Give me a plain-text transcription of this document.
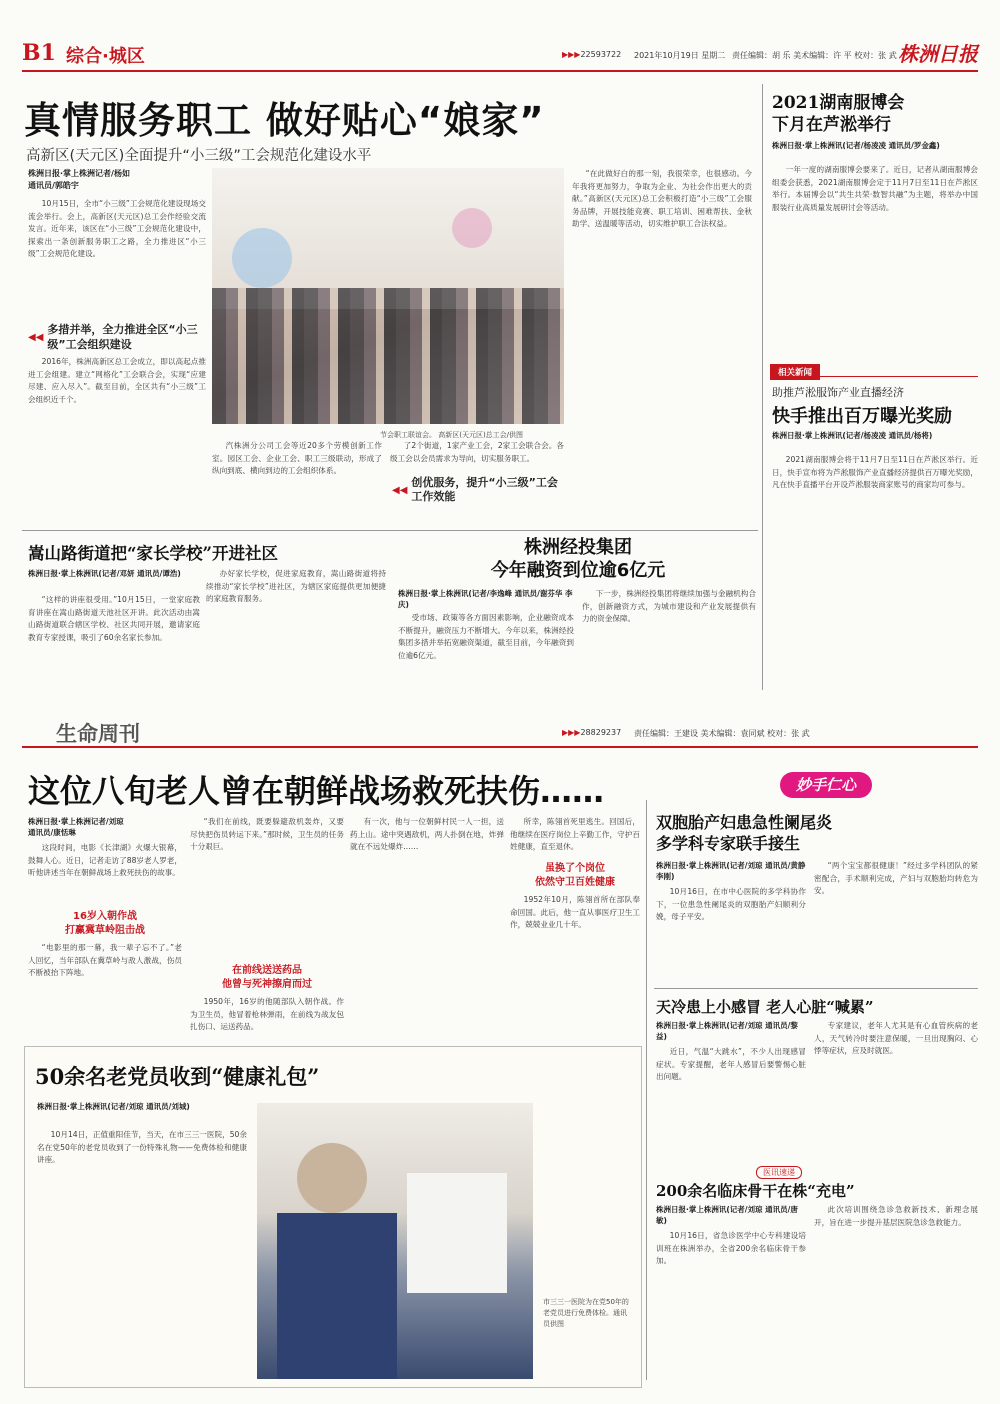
B1 综合·城区	▶▶▶22593722 2021年10月19日 星期二 责任编辑：胡 乐 美术编辑：许 平 校对：张 武 株洲日报
真情服务职工 做好贴心“娘家”
高新区(天元区)全面提升“小三级”工会规范化建设水平
株洲日报·掌上株洲记者/杨如
通讯员/郭皓宇

10月15日，全市“小三级”工会规范化建设现场交流会举行。会上，高新区(天元区)总工会作经验交流发言。近年来，该区在“小三级”工会规范化建设中，探索出一条创新服务职工之路，全力推进区“小三级”工会规范化建设。

◀◀
多措并举，全力推进全区“小三级”工会组织建设

2016年，株洲高新区总工会成立，即以高起点推进工会组建。建立“网格化”工会联合会，实现“应建尽建、应入尽入”。截至目前，全区共有“小三级”工会组织近千个。

节会职工联谊会。 高新区(天元区)总工会/供图

汽株洲分公司工会等近20多个劳模创新工作室。园区工会、企业工会、职工三级联动，形成了纵向到底、横向到边的工会组织体系。

了2个街道，1家产业工会，2家工会联合会。各级工会以会员需求为导向，切实服务职工。

◀◀
创优服务，提升“小三级”工会工作效能

“在此做好白的那一刻，我很荣幸，也很感动。今年我将更加努力，争取为企业、为社会作出更大的贡献。”高新区(天元区)总工会积极打造“小三级”工会服务品牌，开展技能竞赛、职工培训、困难帮扶、金秋助学、送温暖等活动，切实维护职工合法权益。

2021湖南服博会
下月在芦淞举行
株洲日报·掌上株洲讯(记者/杨凌凌 通讯员/罗金鑫)

一年一度的湖南服博会要来了。近日，记者从湖南服博会组委会获悉，2021湖南服博会定于11月7日至11日在芦淞区举行。本届博会以“共生共荣·数智共融”为主题，将举办中国服装行业高质量发展研讨会等活动。

相关新闻
助推芦淞服饰产业直播经济
快手推出百万曝光奖励
株洲日报·掌上株洲讯(记者/杨凌凌 通讯员/杨将)

2021湖南服博会将于11月7日至11日在芦淞区举行。近日，快手宣布将为芦淞服饰产业直播经济提供百万曝光奖励，凡在快手直播平台开设芦淞服装商家账号的商家均可参与。

嵩山路街道把“家长学校”开进社区
株洲日报·掌上株洲讯(记者/邓妍 通讯员/谭浩)

“这样的讲座很受用。”10月15日，一堂家庭教育讲座在嵩山路街道天池社区开讲。此次活动由嵩山路街道联合辖区学校、社区共同开展，邀请家庭教育专家授课，吸引了60余名家长参加。

办好家长学校，促进家庭教育，嵩山路街道将持续推动“家长学校”进社区，为辖区家庭提供更加便捷的家庭教育服务。

株洲经投集团
今年融资到位逾6亿元
株洲日报·掌上株洲讯(记者/李逸峰 通讯员/谢芬华 李庆)

受市场、政策等各方面因素影响，企业融资成本不断提升，融资压力不断增大。今年以来，株洲经投集团多措并举拓宽融资渠道，截至目前，今年融资到位逾6亿元。

下一步，株洲经投集团将继续加强与金融机构合作，创新融资方式，为城市建设和产业发展提供有力的资金保障。

生命周刊	▶▶▶28829237 责任编辑：王建设 美术编辑：袁同斌 校对：张 武
这位八旬老人曾在朝鲜战场救死扶伤……	妙手仁心
株洲日报·掌上株洲记者/刘琼
通讯员/康恬琳

这段时间，电影《长津湖》火爆大银幕，鼓舞人心。近日，记者走访了88岁老人罗老，听他讲述当年在朝鲜战场上救死扶伤的故事。

16岁入朝作战
打赢冀草岭阻击战

“电影里的那一幕，我一辈子忘不了。”老人回忆，当年部队在冀草岭与敌人激战，伤员不断被抬下阵地。

“我们在前线，既要躲避敌机轰炸，又要尽快把伤员转运下来。”那时候，卫生员的任务十分艰巨。

在前线送送药品
他曾与死神擦肩而过

1950年，16岁的他随部队入朝作战。作为卫生员，他冒着枪林弹雨，在前线为战友包扎伤口、运送药品。

有一次，他与一位朝鲜村民一人一担，送药上山。途中突遇敌机，两人扑倒在地，炸弹就在不远处爆炸……

所幸，陈翎首死里逃生。回国后，他继续在医疗岗位上辛勤工作，守护百姓健康，直至退休。

虽换了个岗位
依然守卫百姓健康

1952年10月，陈翎首所在部队奉命回国。此后，他一直从事医疗卫生工作，兢兢业业几十年。

双胞胎产妇患急性阑尾炎
多学科专家联手接生
株洲日报·掌上株洲讯(记者/刘琼 通讯员/黄静 李刚)

10月16日，在市中心医院的多学科协作下，一位患急性阑尾炎的双胞胎产妇顺利分娩，母子平安。

“两个宝宝都很健康！”经过多学科团队的紧密配合，手术顺利完成，产妇与双胞胎均转危为安。

天冷患上小感冒 老人心脏“喊累”
株洲日报·掌上株洲讯(记者/刘琼 通讯员/黎益)

近日，气温“大跳水”，不少人出现感冒症状。专家提醒，老年人感冒后要警惕心脏出问题。

专家建议，老年人尤其是有心血管疾病的老人，天气转冷时要注意保暖，一旦出现胸闷、心悸等症状，应及时就医。

医讯速递
200余名临床骨干在株“充电”
株洲日报·掌上株洲讯(记者/刘琼 通讯员/唐敏)

10月16日，省急诊医学中心专科建设培训班在株洲举办，全省200余名临床骨干参加。

此次培训围绕急诊急救新技术、新理念展开，旨在进一步提升基层医院急诊急救能力。

50余名老党员收到“健康礼包”
株洲日报·掌上株洲讯(记者/刘琼 通讯员/刘城)

10月14日，正值重阳佳节，当天，在市三三一医院，50余名在党50年的老党员收到了一份特殊礼物——免费体检和健康讲座。

市三三一医院为在党50年的老党员进行免费体检。通讯员供图
